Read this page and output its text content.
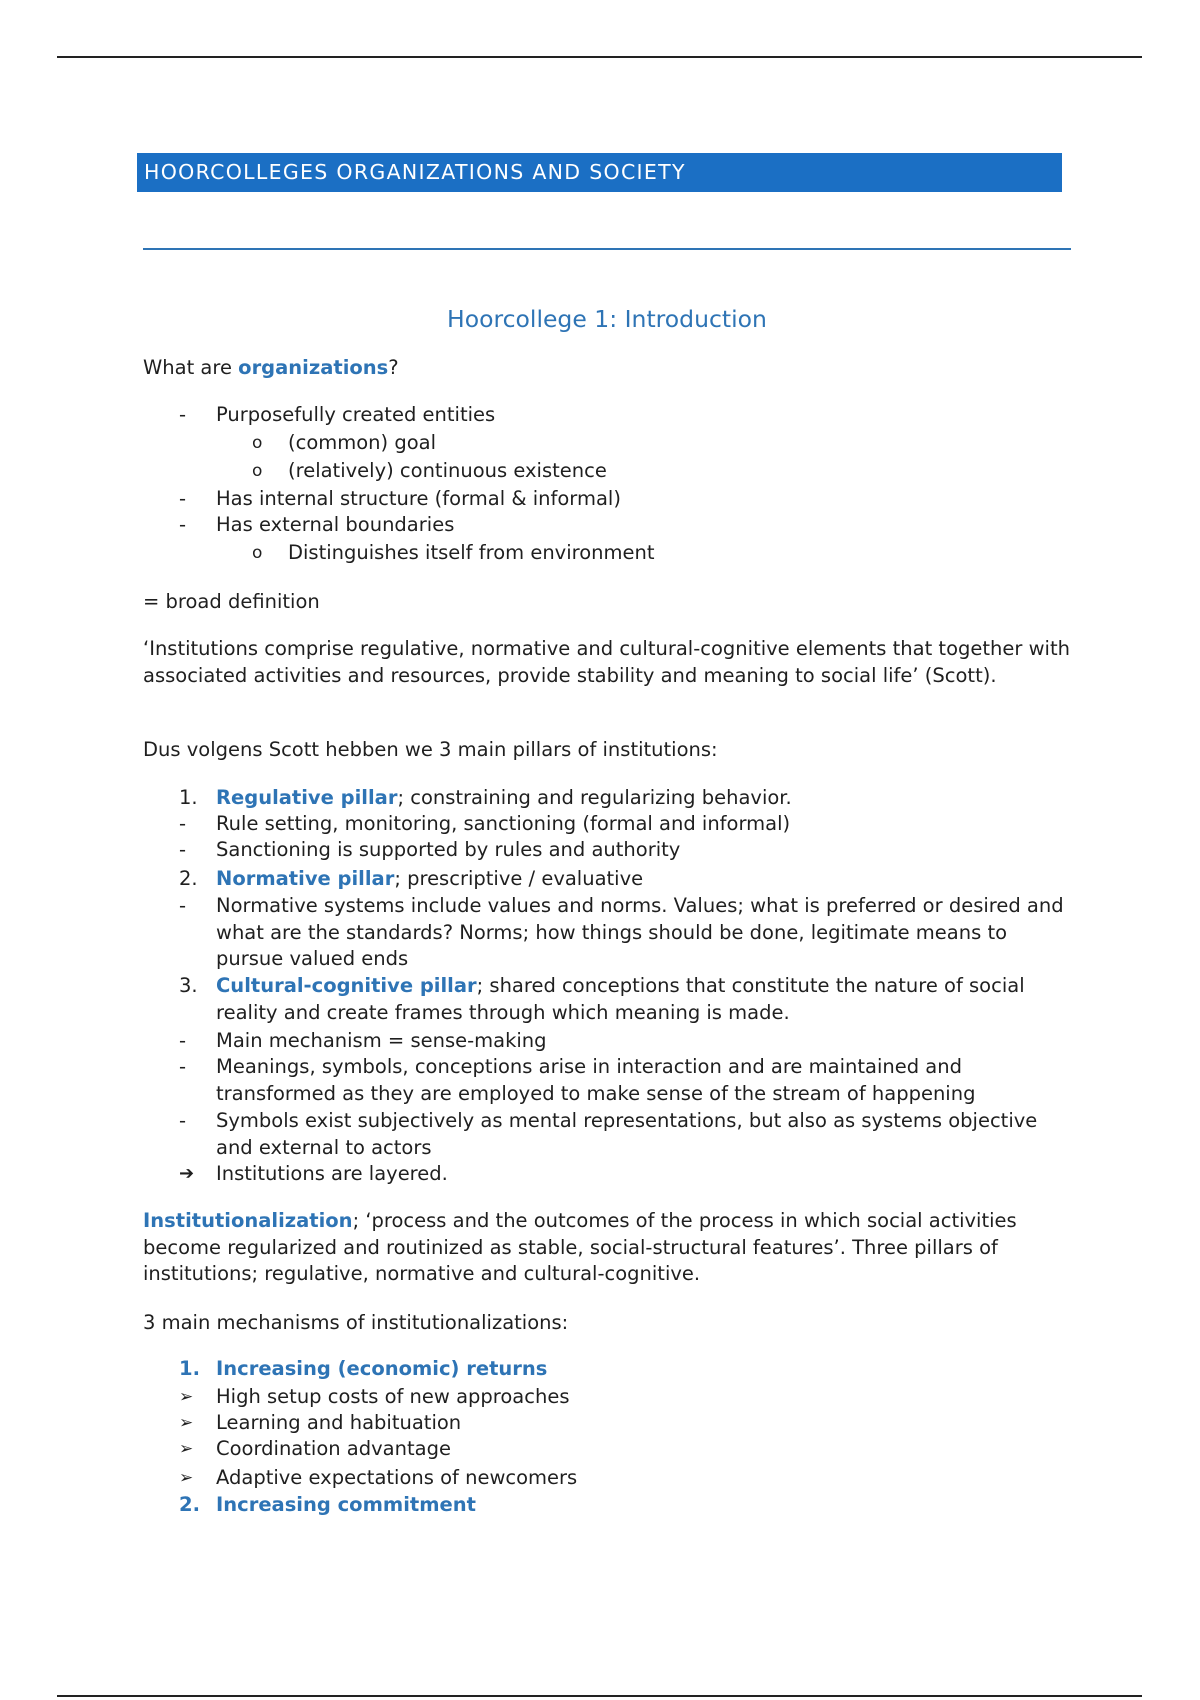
HOORCOLLEGES ORGANIZATIONS AND SOCIETY
Hoorcollege 1: Introduction
What are organizations?
- Purposefully created entities
o (common) goal
o (relatively) continuous existence
- Has internal structure (formal & informal)
- Has external boundaries
o Distinguishes itself from environment
= broad definition
‘Institutions comprise regulative, normative and cultural-cognitive elements that together with associated activities and resources, provide stability and meaning to social life’ (Scott).
Dus volgens Scott hebben we 3 main pillars of institutions:
1. Regulative pillar; constraining and regularizing behavior.
- Rule setting, monitoring, sanctioning (formal and informal)
- Sanctioning is supported by rules and authority
2. Normative pillar; prescriptive / evaluative
- Normative systems include values and norms. Values; what is preferred or desired and what are the standards? Norms; how things should be done, legitimate means to pursue valued ends
3. Cultural-cognitive pillar; shared conceptions that constitute the nature of social reality and create frames through which meaning is made.
- Main mechanism = sense-making
- Meanings, symbols, conceptions arise in interaction and are maintained and transformed as they are employed to make sense of the stream of happening
- Symbols exist subjectively as mental representations, but also as systems objective and external to actors
➔ Institutions are layered.
Institutionalization; ‘process and the outcomes of the process in which social activities become regularized and routinized as stable, social-structural features’. Three pillars of institutions; regulative, normative and cultural-cognitive.
3 main mechanisms of institutionalizations:
1. Increasing (economic) returns
➢ High setup costs of new approaches
➢ Learning and habituation
➢ Coordination advantage
➢ Adaptive expectations of newcomers
2. Increasing commitment
